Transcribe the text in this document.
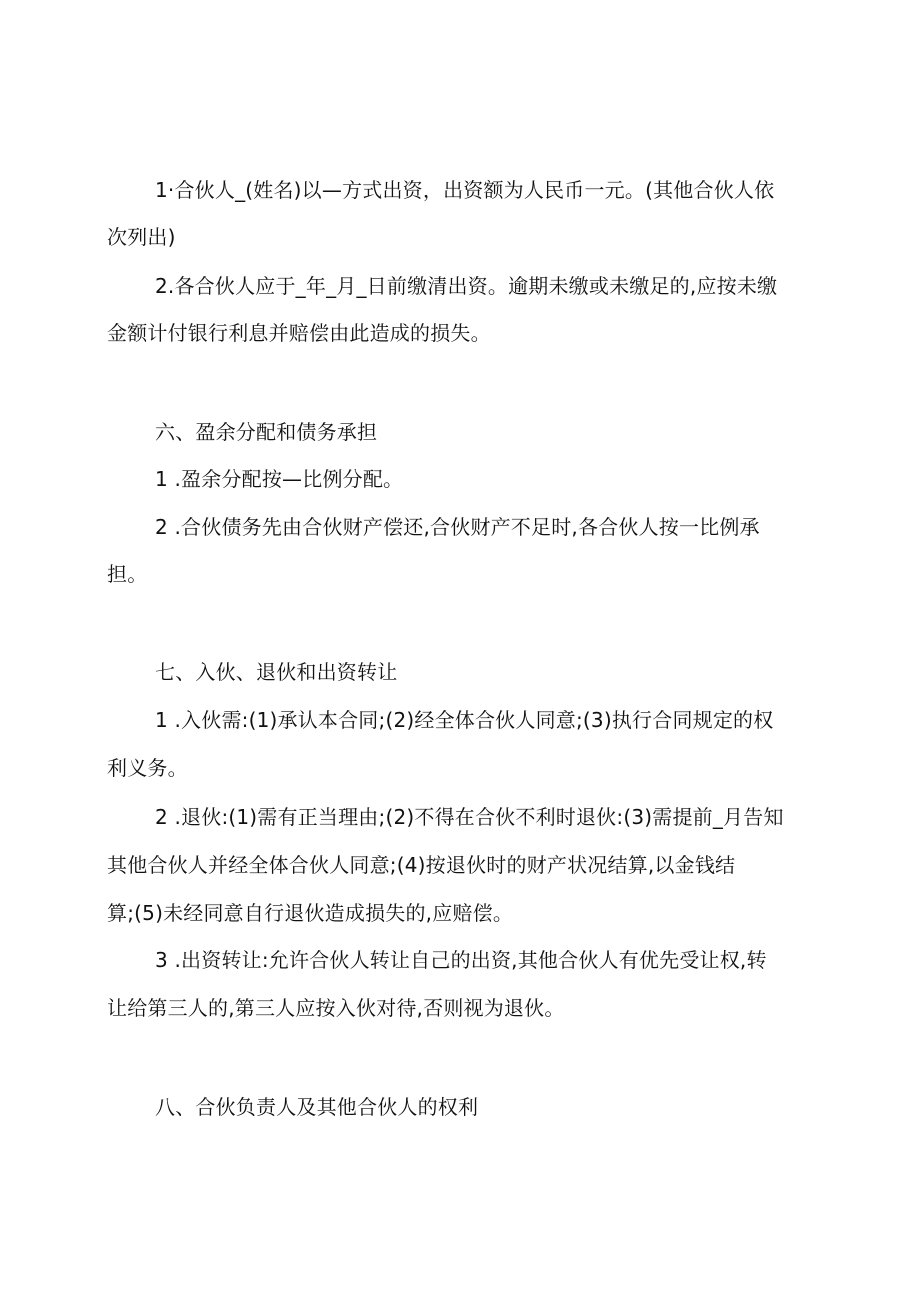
1·合伙人_(姓名)以—方式出资，出资额为人民币一元。(其他合伙人依
次列出)
2.各合伙人应于_年_月_日前缴清出资。逾期未缴或未缴足的,应按未缴
金额计付银行利息并赔偿由此造成的损失。
六、盈余分配和债务承担
1 .盈余分配按—比例分配。
2 .合伙债务先由合伙财产偿还,合伙财产不足时,各合伙人按一比例承
担。
七、入伙、退伙和出资转让
1 .入伙需:(1)承认本合同;(2)经全体合伙人同意;(3)执行合同规定的权
利义务。
2 .退伙:(1)需有正当理由;(2)不得在合伙不利时退伙:(3)需提前_月告知
其他合伙人并经全体合伙人同意;(4)按退伙时的财产状况结算,以金钱结
算;(5)未经同意自行退伙造成损失的,应赔偿。
3 .出资转让:允许合伙人转让自己的出资,其他合伙人有优先受让权,转
让给第三人的,第三人应按入伙对待,否则视为退伙。
八、合伙负责人及其他合伙人的权利
